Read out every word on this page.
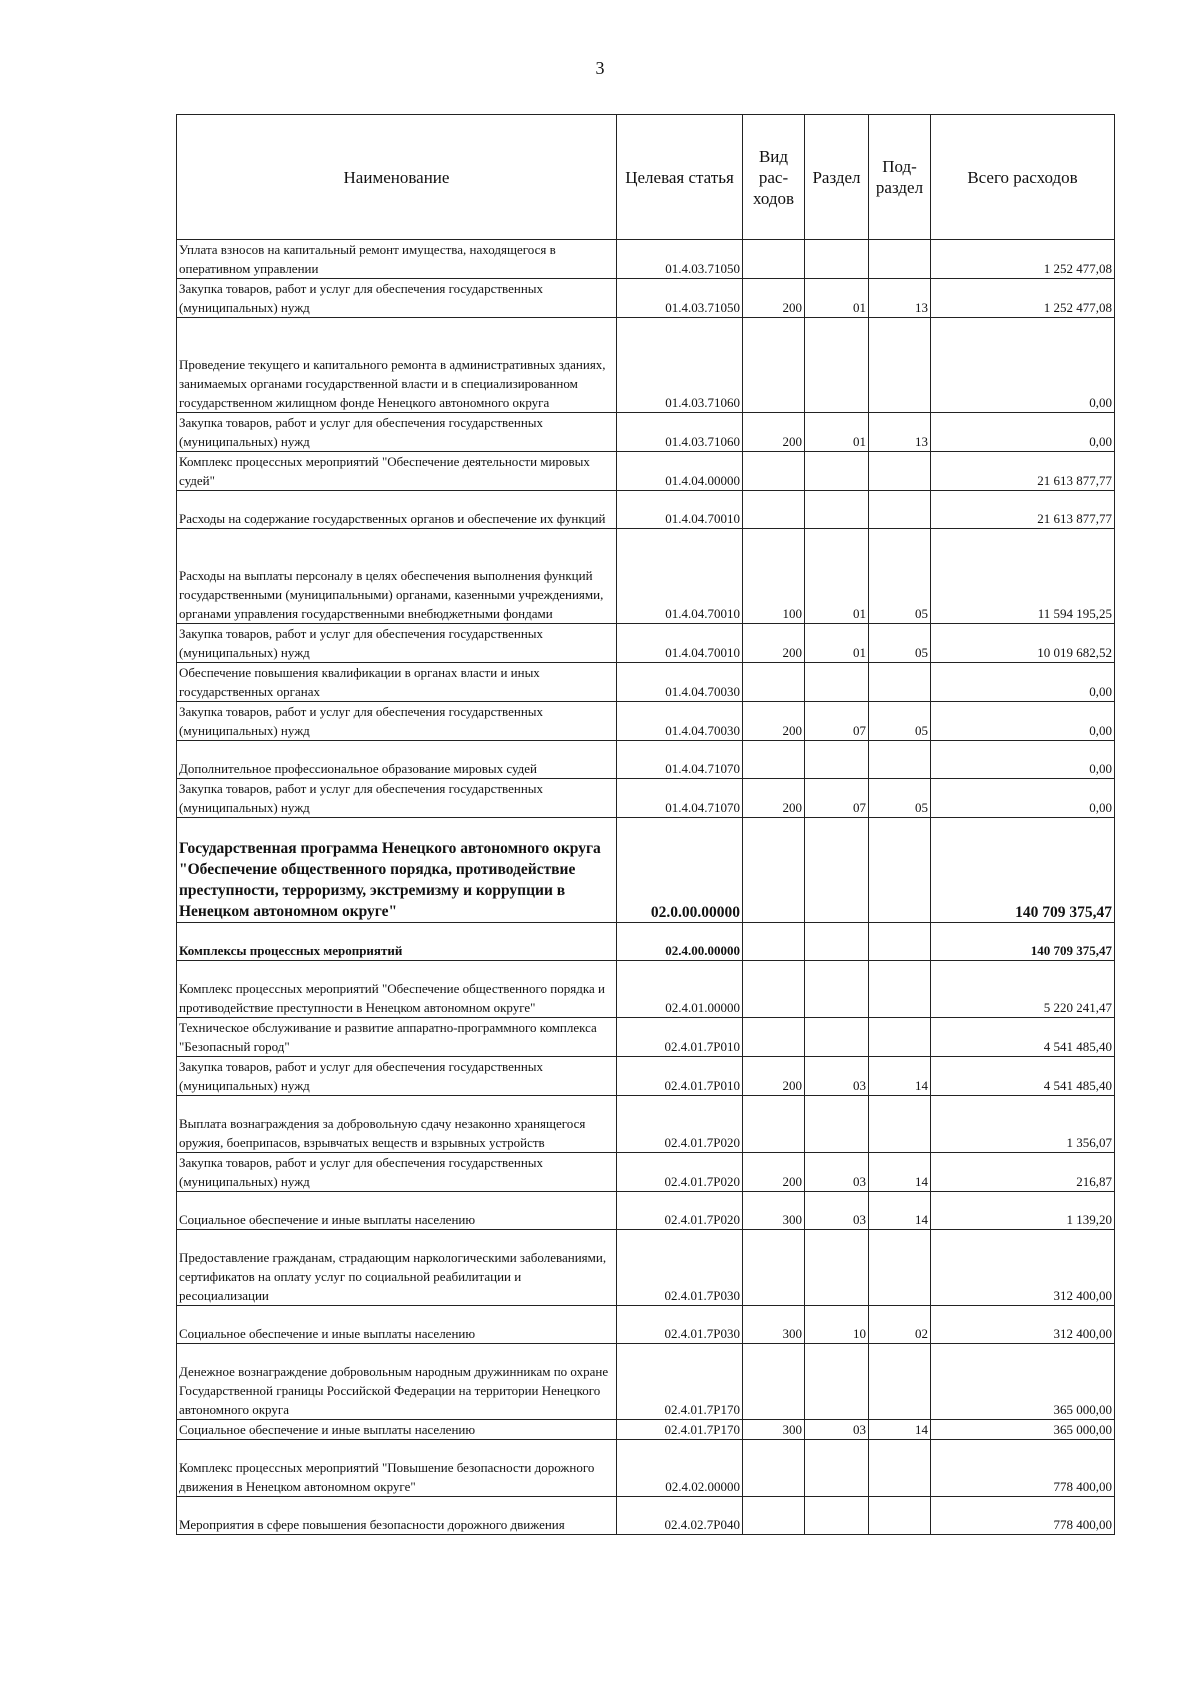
3
Наименование	Целевая статья	Вид рас-ходов	Раздел	Под-раздел	Всего расходов
Уплата взносов на капитальный ремонт имущества, находящегося в оперативном управлении	01.4.03.71050				1 252 477,08
Закупка товаров, работ и услуг для обеспечения государственных (муниципальных) нужд	01.4.03.71050	200	01	13	1 252 477,08
Проведение текущего и капитального ремонта в административных зданиях, занимаемых органами государственной власти и в специализированном государственном жилищном фонде Ненецкого автономного округа	01.4.03.71060				0,00
Закупка товаров, работ и услуг для обеспечения государственных (муниципальных) нужд	01.4.03.71060	200	01	13	0,00
Комплекс процессных мероприятий "Обеспечение деятельности мировых судей"	01.4.04.00000				21 613 877,77
Расходы на содержание государственных органов и обеспечение их функций	01.4.04.70010				21 613 877,77
Расходы на выплаты персоналу в целях обеспечения выполнения функций государственными (муниципальными) органами, казенными учреждениями, органами управления государственными внебюджетными фондами	01.4.04.70010	100	01	05	11 594 195,25
Закупка товаров, работ и услуг для обеспечения государственных (муниципальных) нужд	01.4.04.70010	200	01	05	10 019 682,52
Обеспечение повышения квалификации в органах власти и иных государственных органах	01.4.04.70030				0,00
Закупка товаров, работ и услуг для обеспечения государственных (муниципальных) нужд	01.4.04.70030	200	07	05	0,00
Дополнительное профессиональное образование мировых судей	01.4.04.71070				0,00
Закупка товаров, работ и услуг для обеспечения государственных (муниципальных) нужд	01.4.04.71070	200	07	05	0,00
Государственная программа Ненецкого автономного округа "Обеспечение общественного порядка, противодействие преступности, терроризму, экстремизму и коррупции в Ненецком автономном округе"	02.0.00.00000				140 709 375,47
Комплексы процессных мероприятий	02.4.00.00000				140 709 375,47
Комплекс процессных мероприятий "Обеспечение общественного порядка и противодействие преступности в Ненецком автономном округе"	02.4.01.00000				5 220 241,47
Техническое обслуживание и развитие аппаратно-программного комплекса "Безопасный город"	02.4.01.7Р010				4 541 485,40
Закупка товаров, работ и услуг для обеспечения государственных (муниципальных) нужд	02.4.01.7Р010	200	03	14	4 541 485,40
Выплата вознаграждения за добровольную сдачу незаконно хранящегося оружия, боеприпасов, взрывчатых веществ и взрывных устройств	02.4.01.7Р020				1 356,07
Закупка товаров, работ и услуг для обеспечения государственных (муниципальных) нужд	02.4.01.7Р020	200	03	14	216,87
Социальное обеспечение и иные выплаты населению	02.4.01.7Р020	300	03	14	1 139,20
Предоставление гражданам, страдающим наркологическими заболеваниями, сертификатов на оплату услуг по социальной реабилитации и ресоциализации	02.4.01.7Р030				312 400,00
Социальное обеспечение и иные выплаты населению	02.4.01.7Р030	300	10	02	312 400,00
Денежное вознаграждение добровольным народным дружинникам по охране Государственной границы Российской Федерации на территории Ненецкого автономного округа	02.4.01.7Р170				365 000,00
Социальное обеспечение и иные выплаты населению	02.4.01.7Р170	300	03	14	365 000,00
Комплекс процессных мероприятий "Повышение безопасности дорожного движения в Ненецком автономном округе"	02.4.02.00000				778 400,00
Мероприятия в сфере повышения безопасности дорожного движения	02.4.02.7Р040				778 400,00
